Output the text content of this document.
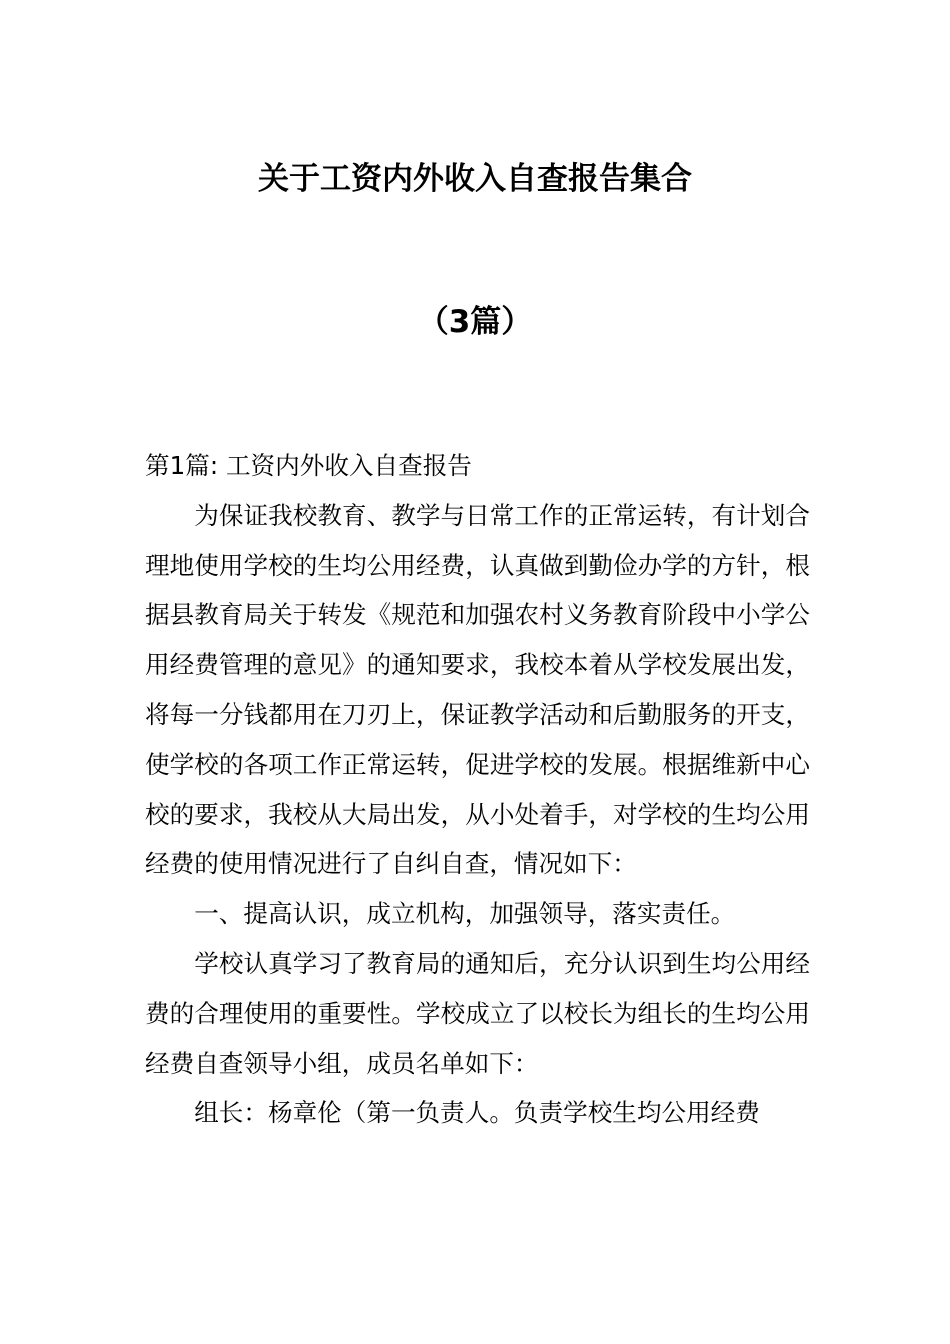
关于工资内外收入自查报告集合
（3篇）

第1篇: 工资内外收入自查报告

为保证我校教育、教学与日常工作的正常运转，有计划合理地使用学校的生均公用经费，认真做到勤俭办学的方针，根据县教育局关于转发《规范和加强农村义务教育阶段中小学公用经费管理的意见》的通知要求，我校本着从学校发展出发，将每一分钱都用在刀刃上，保证教学活动和后勤服务的开支，使学校的各项工作正常运转，促进学校的发展。根据维新中心校的要求，我校从大局出发，从小处着手，对学校的生均公用经费的使用情况进行了自纠自查，情况如下：

一、提高认识，成立机构，加强领导，落实责任。

学校认真学习了教育局的通知后，充分认识到生均公用经费的合理使用的重要性。学校成立了以校长为组长的生均公用经费自查领导小组，成员名单如下：

组长：杨章伦（第一负责人。负责学校生均公用经费
